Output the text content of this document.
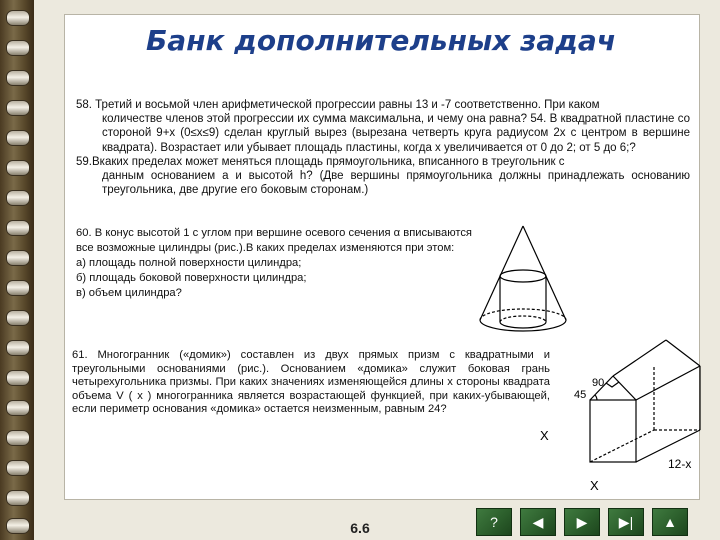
Банк дополнительных задач
58. Третий и восьмой член арифметической прогрессии равны 13 и -7 соответственно. При каком
количестве членов этой прогрессии их сумма максимальна, и чему она равна? 54. В квадратной пластине со стороной 9+x (0≤x≤9) сделан круглый вырез (вырезана четверть круга радиусом 2x с центром в вершине квадрата). Возрастает или убывает площадь пластины, когда x увеличивается от 0 до 2; от 5 до 6;?
59.Вкаких пределах может меняться площадь прямоугольника, вписанного в треугольник с
данным основанием а и высотой h? (Две вершины прямоугольника должны принадлежать основанию треугольника, две другие его боковым сторонам.)
60. В конус высотой 1 с углом при вершине осевого сечения α вписываются все возможные цилиндры (рис.).В каких пределах изменяются при этом:
а) площадь полной поверхности цилиндра;
б) площадь боковой поверхности цилиндра;
в) объем цилиндра?
61. Многогранник («домик») составлен из двух прямых призм с квадратными и треугольными основаниями (рис.). Основанием «домика» служит боковая грань четырехугольника призмы. При каких значениях изменяющейся длины x стороны квадрата объема V ( x ) многогранника является возрастающей функцией, при каких-убывающей, если периметр основания «домика» остается неизменным, равным 24?
90
45
X
X
12-x
6.6	? ◀ ▶ ▶| ▲
